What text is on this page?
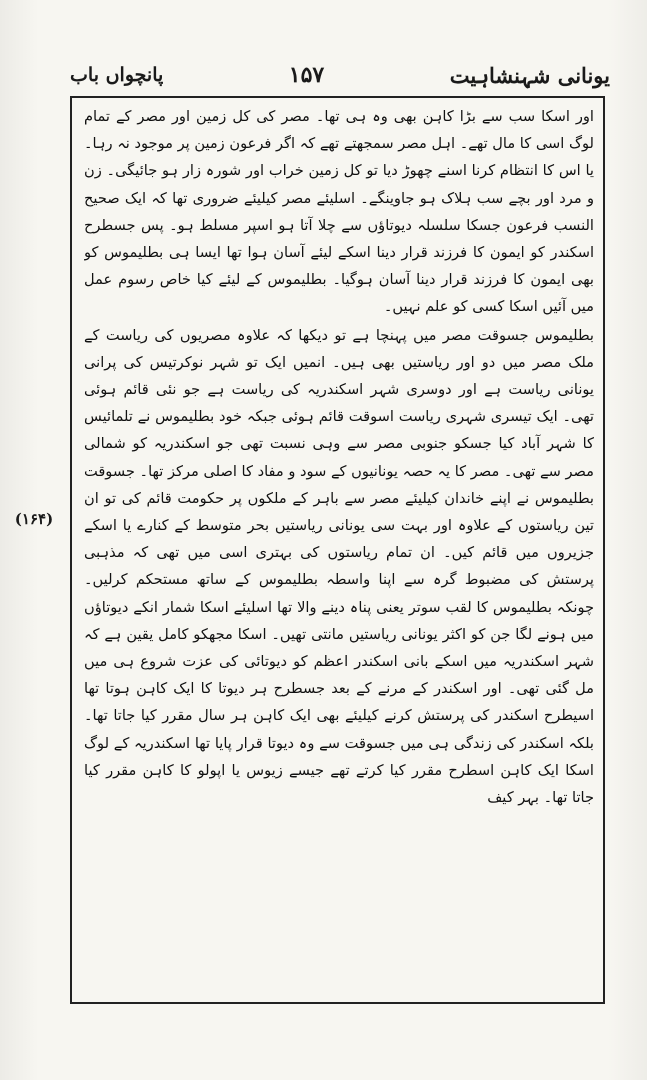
یونانی شہنشاہیت
۱۵۷
پانچواں باب
(۱۶۴)

اور اسکا سب سے بڑا کاہن بھی وہ ہی تھا۔ مصر کی کل زمین اور مصر کے تمام لوگ اسی کا مال تھے۔ اہل مصر سمجھتے تھے کہ اگر فرعون زمین پر موجود نہ رہا۔ یا اس کا انتظام کرنا اسنے چھوڑ دیا تو کل زمین خراب اور شورہ زار ہو جائیگی۔ زن و مرد اور بچے سب ہلاک ہو جاوینگے۔ اسلیئے مصر کیلیئے ضروری تھا کہ ایک صحیح النسب فرعون جسکا سلسلہ دیوتاؤں سے چلا آتا ہو اسپر مسلط ہو۔ پس جسطرح اسکندر کو ایمون کا فرزند قرار دینا اسکے لیئے آسان ہوا تھا ایسا ہی بطلیموس کو بھی ایمون کا فرزند قرار دینا آسان ہوگیا۔ بطلیموس کے لیئے کیا خاص رسوم عمل میں آئیں اسکا کسی کو علم نہیں۔

بطلیموس جسوقت مصر میں پہنچا ہے تو دیکھا کہ علاوہ مصریوں کی ریاست کے ملک مصر میں دو اور ریاستیں بھی ہیں۔ انمیں ایک تو شہر نوکرتیس کی پرانی یونانی ریاست ہے اور دوسری شہر اسکندریہ کی ریاست ہے جو نئی قائم ہوئی تھی۔ ایک تیسری شہری ریاست اسوقت قائم ہوئی جبکہ خود بطلیموس نے تلمائیس کا شہر آباد کیا جسکو جنوبی مصر سے وہی نسبت تھی جو اسکندریہ کو شمالی مصر سے تھی۔ مصر کا یہ حصہ یونانیوں کے سود و مفاد کا اصلی مرکز تھا۔ جسوقت بطلیموس نے اپنے خاندان کیلیئے مصر سے باہر کے ملکوں پر حکومت قائم کی تو ان تین ریاستوں کے علاوہ اور بہت سی یونانی ریاستیں بحر متوسط کے کنارے یا اسکے جزیروں میں قائم کیں۔ ان تمام ریاستوں کی بہتری اسی میں تھی کہ مذہبی پرستش کی مضبوط گرہ سے اپنا واسطہ بطلیموس کے ساتھ مستحکم کرلیں۔ چونکہ بطلیموس کا لقب سوتر یعنی پناہ دینے والا تھا اسلیئے اسکا شمار انکے دیوتاؤں میں ہونے لگا جن کو اکثر یونانی ریاستیں مانتی تھیں۔ اسکا مجھکو کامل یقین ہے کہ شہر اسکندریہ میں اسکے بانی اسکندر اعظم کو دیوتائی کی عزت شروع ہی میں مل گئی تھی۔ اور اسکندر کے مرنے کے بعد جسطرح ہر دیوتا کا ایک کاہن ہوتا تھا اسیطرح اسکندر کی پرستش کرنے کیلیئے بھی ایک کاہن ہر سال مقرر کیا جاتا تھا۔ بلکہ اسکندر کی زندگی ہی میں جسوقت سے وہ دیوتا قرار پایا تھا اسکندریہ کے لوگ اسکا ایک کاہن اسطرح مقرر کیا کرتے تھے جیسے زیوس یا اپولو کا کاہن مقرر کیا جاتا تھا۔ بہر کیف
